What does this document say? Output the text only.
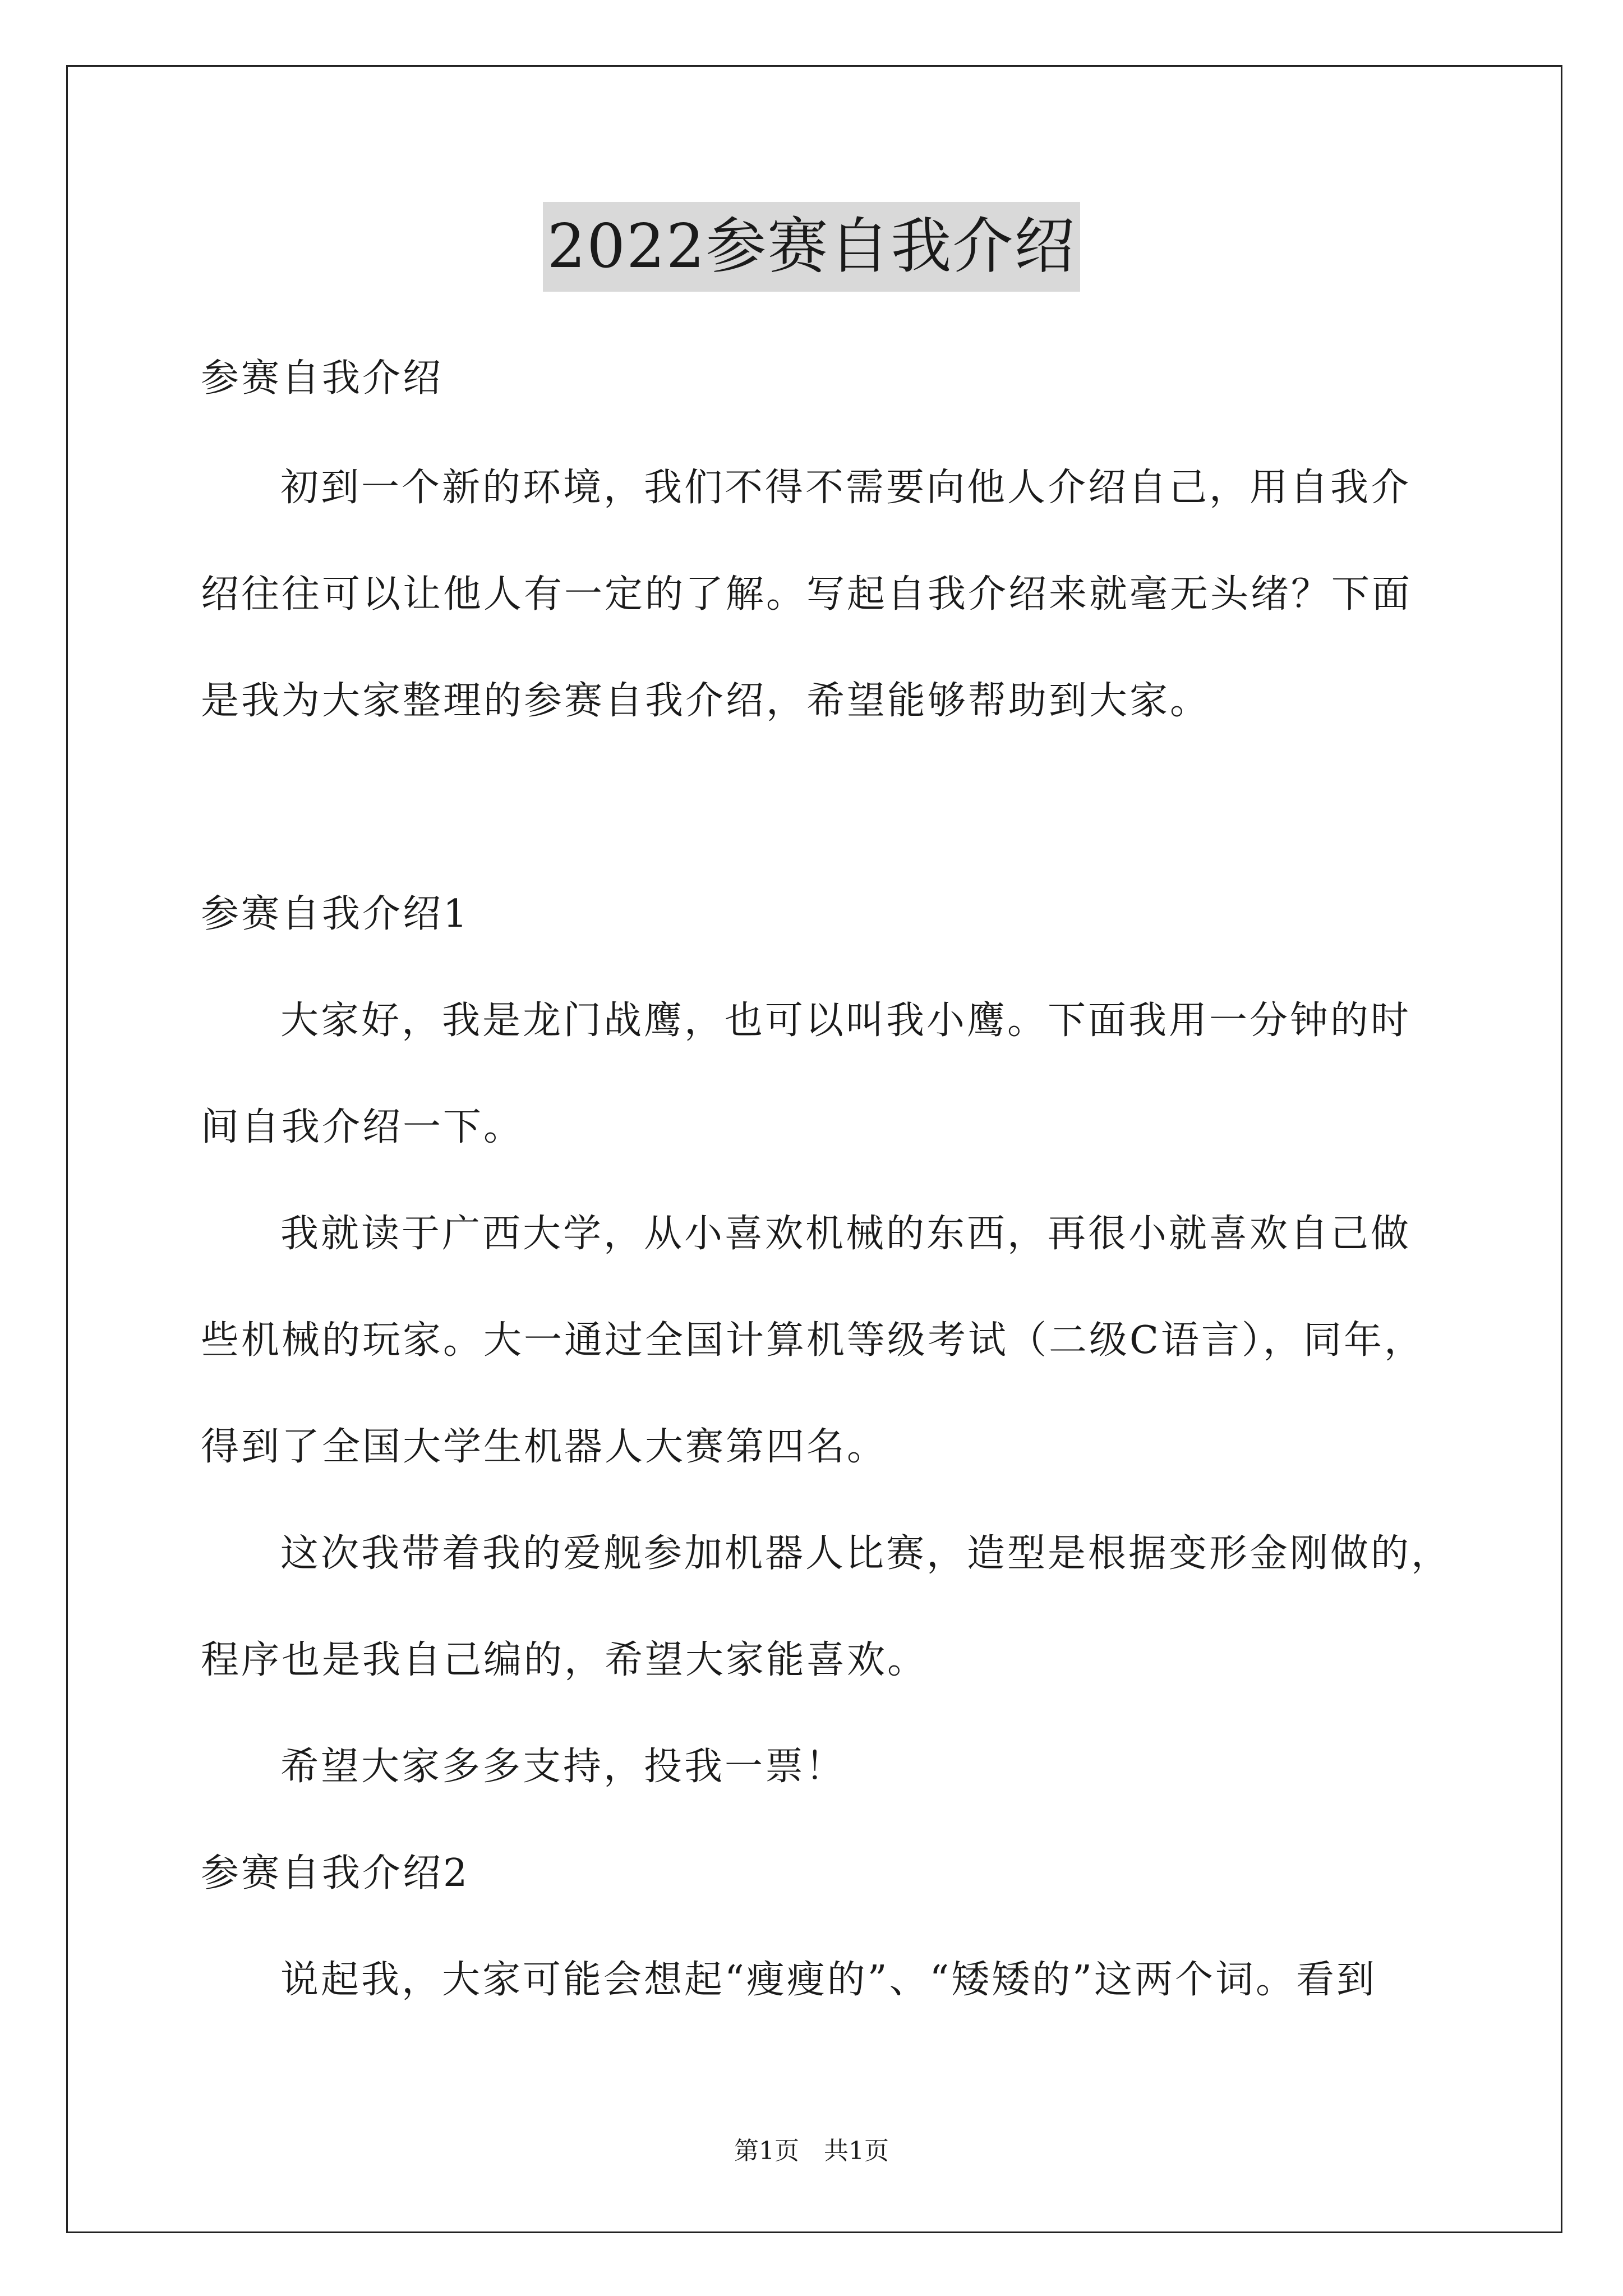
2022参赛自我介绍
参赛自我介绍
初到一个新的环境，我们不得不需要向他人介绍自己，用自我介
绍往往可以让他人有一定的了解。写起自我介绍来就毫无头绪？下面
是我为大家整理的参赛自我介绍，希望能够帮助到大家。
参赛自我介绍1
大家好，我是龙门战鹰，也可以叫我小鹰。下面我用一分钟的时
间自我介绍一下。
我就读于广西大学，从小喜欢机械的东西，再很小就喜欢自己做
些机械的玩家。大一通过全国计算机等级考试（二级C语言），同年，
得到了全国大学生机器人大赛第四名。
这次我带着我的爱舰参加机器人比赛，造型是根据变形金刚做的，
程序也是我自己编的，希望大家能喜欢。
希望大家多多支持，投我一票！
参赛自我介绍2
说起我，大家可能会想起“瘦瘦的”、“矮矮的”这两个词。看到
第1页　共1页
